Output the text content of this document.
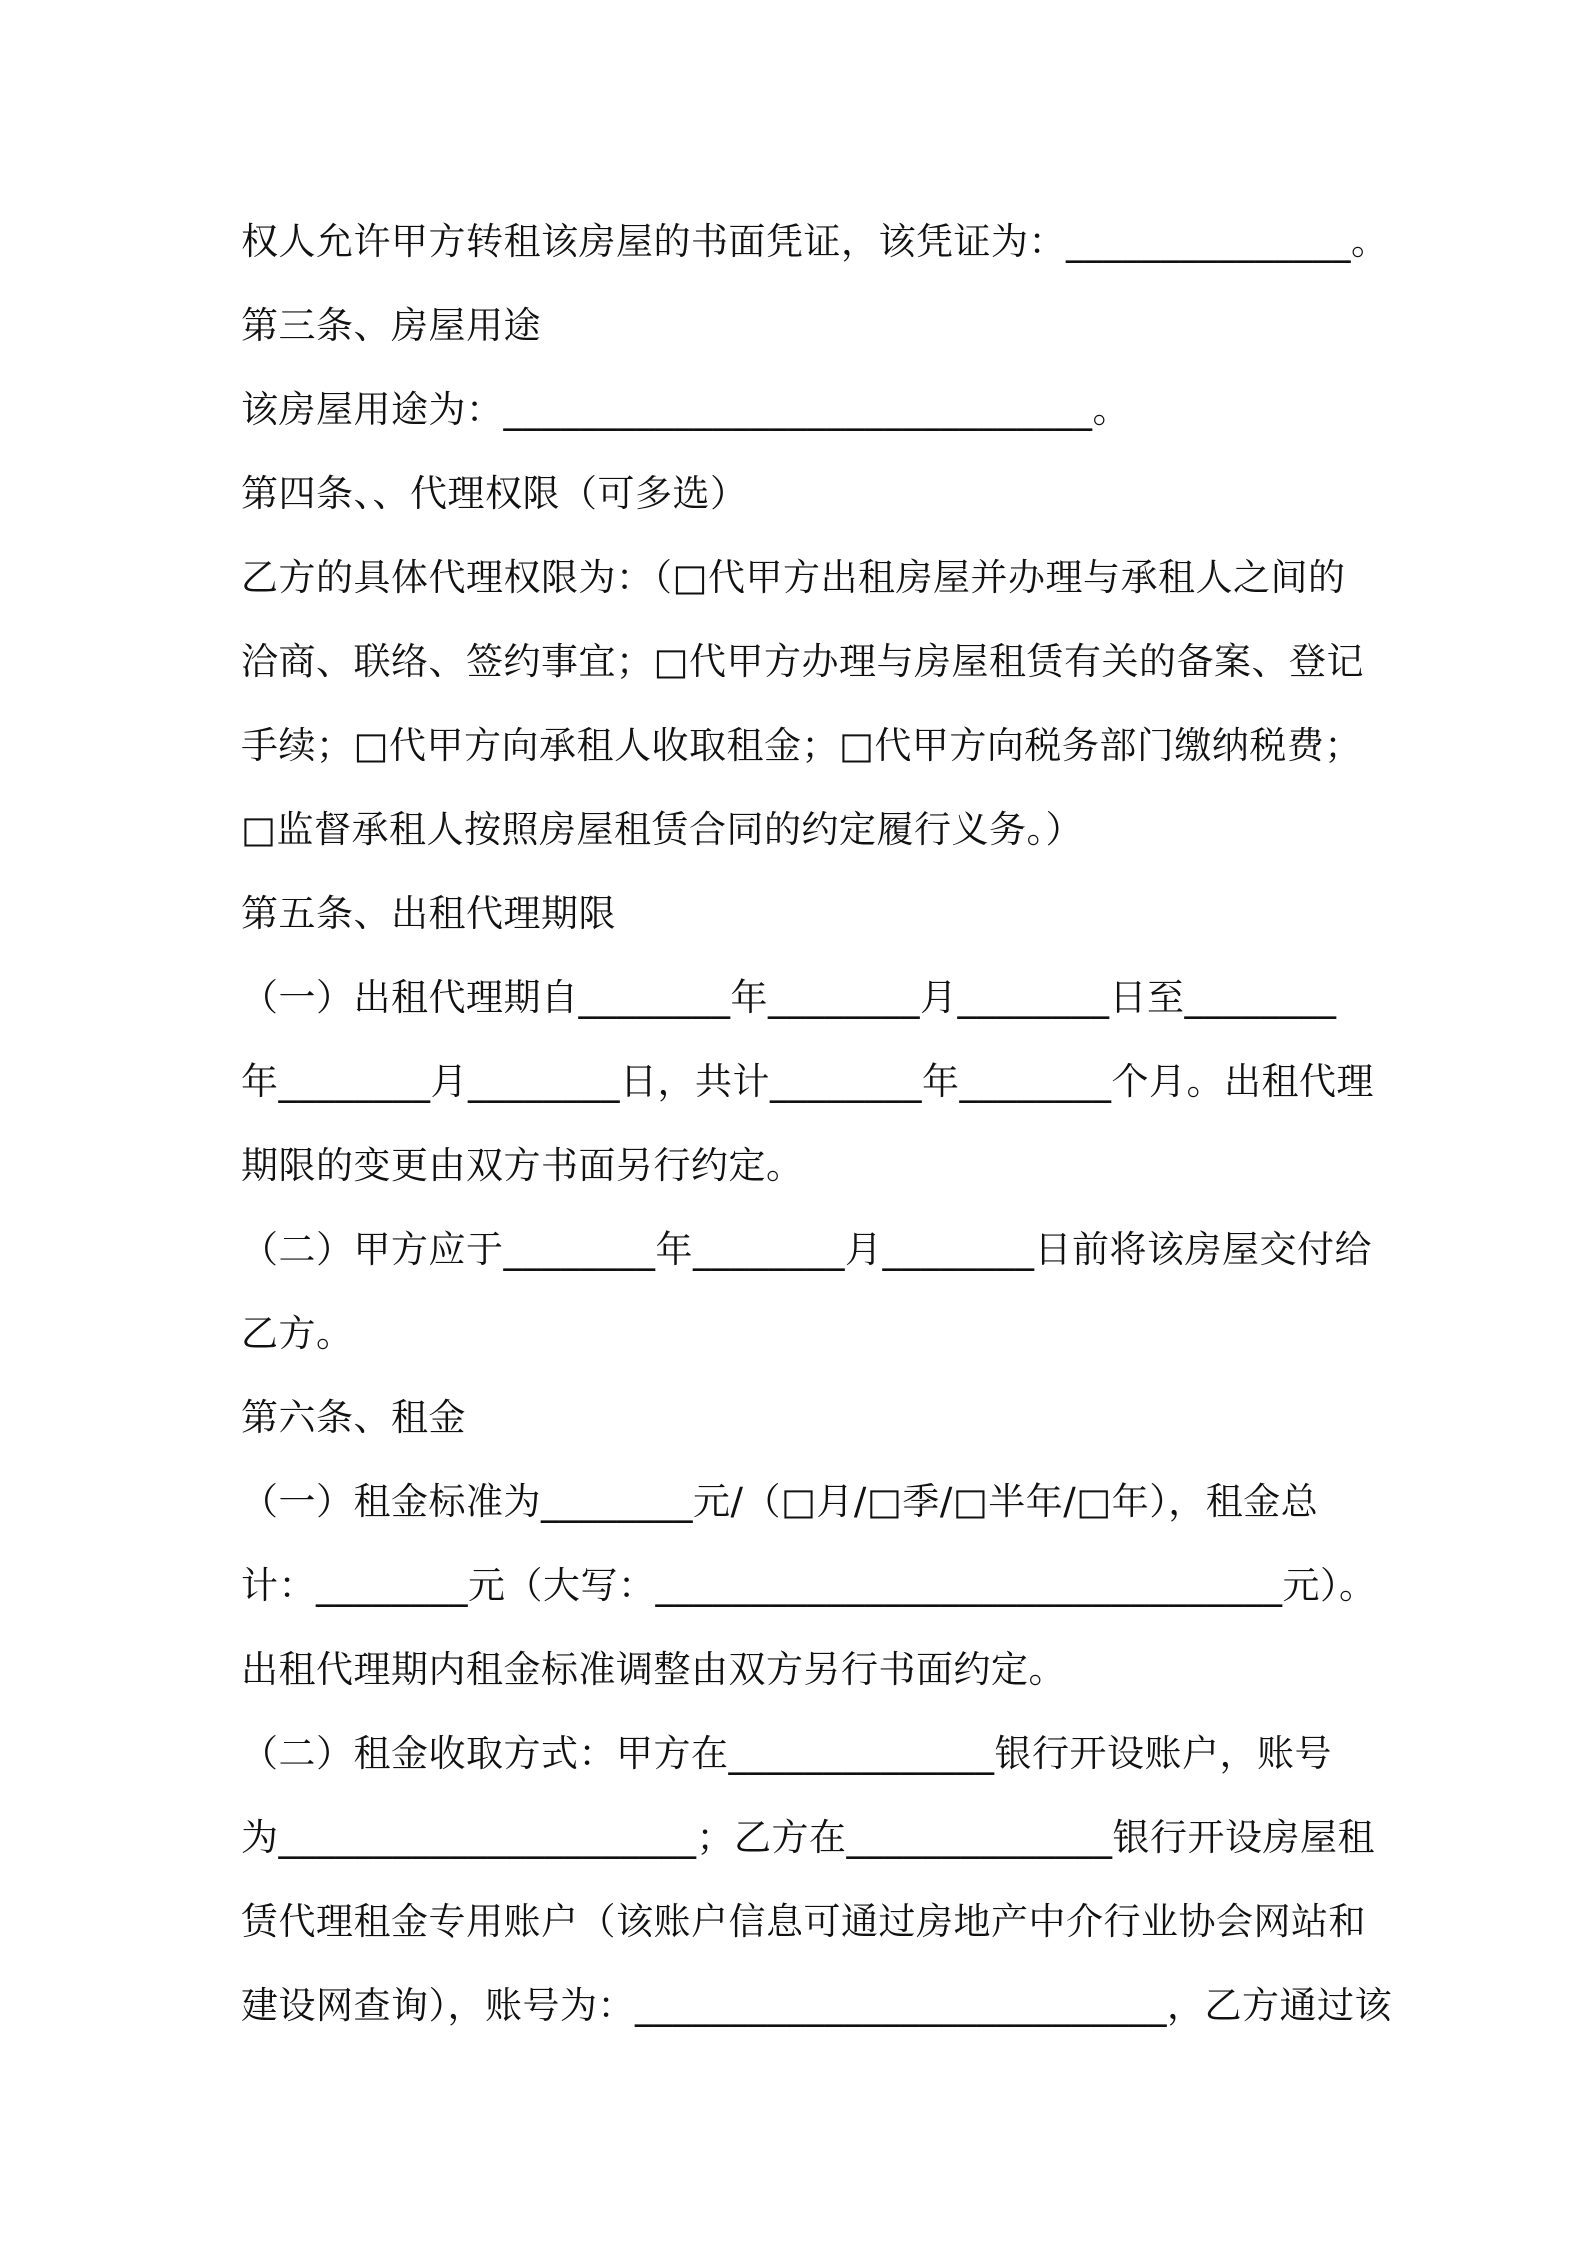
权人允许甲方转租该房屋的书面凭证，该凭证为：_______________。
第三条、房屋用途
该房屋用途为：_______________________________。
第四条、、代理权限（可多选）
乙方的具体代理权限为：（□代甲方出租房屋并办理与承租人之间的
洽商、联络、签约事宜；□代甲方办理与房屋租赁有关的备案、登记
手续；□代甲方向承租人收取租金；□代甲方向税务部门缴纳税费；
□监督承租人按照房屋租赁合同的约定履行义务。）
第五条、出租代理期限
（一）出租代理期自________年________月________日至________
年________月________日，共计________年________个月。出租代理
期限的变更由双方书面另行约定。
（二）甲方应于________年________月________日前将该房屋交付给
乙方。
第六条、租金
（一）租金标准为________元/（□月/□季/□半年/□年），租金总
计：________元（大写：_________________________________元）。
出租代理期内租金标准调整由双方另行书面约定。
（二）租金收取方式：甲方在______________银行开设账户，账号
为______________________；乙方在______________银行开设房屋租
赁代理租金专用账户（该账户信息可通过房地产中介行业协会网站和
建设网查询），账号为：____________________________，乙方通过该
